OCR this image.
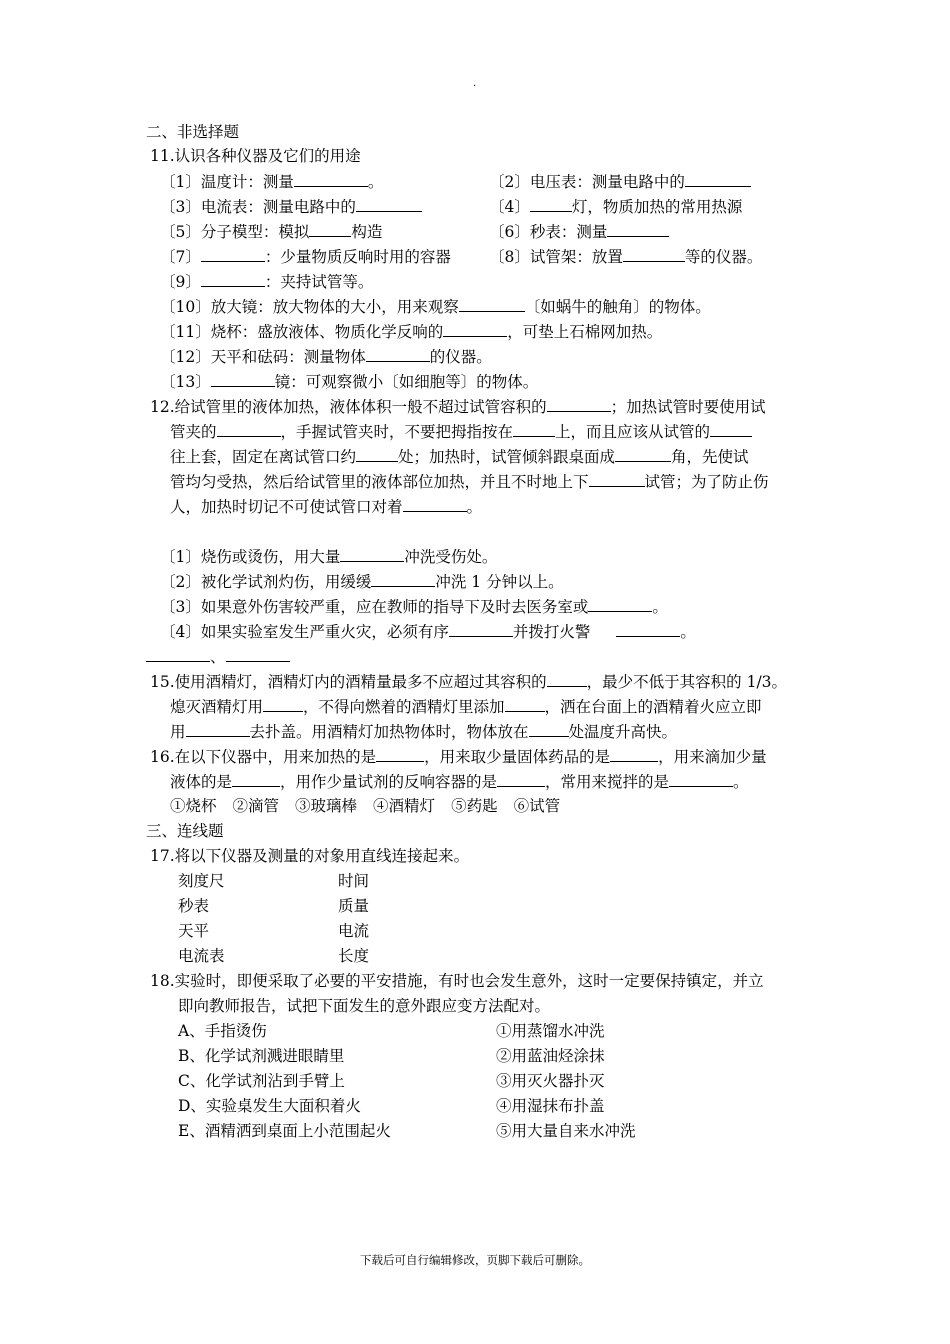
.
二、非选择题
11.认识各种仪器及它们的用途
〔1〕温度计：测量	。	〔2〕电压表：测量电路中的
〔3〕电流表：测量电路中的	〔4〕	灯，物质加热的常用热源
〔5〕分子模型：模拟	构造	〔6〕秒表：测量
〔7〕	：少量物质反响时用的容器 〔8〕试管架：放置	等的仪器。
〔9〕	：夹持试管等。
〔10〕放大镜：放大物体的大小，用来观察	〔如蜗牛的触角〕的物体。
〔11〕烧杯：盛放液体、物质化学反响的	，可垫上石棉网加热。
〔12〕天平和砝码：测量物体	的仪器。
〔13〕	镜：可观察微小〔如细胞等〕的物体。
12.给试管里的液体加热，液体体积一般不超过试管容积的	；加热试管时要使用试
管夹的	，手握试管夹时，不要把拇指按在	上，而且应该从试管的
往上套，固定在离试管口约	处；加热时，试管倾斜跟桌面成	角，先使试
管均匀受热，然后给试管里的液体部位加热，并且不时地上下	试管；为了防止伤
人，加热时切记不可使试管口对着	。
〔1〕烧伤或烫伤，用大量	冲洗受伤处。
〔2〕被化学试剂灼伤，用缓缓	冲洗 1 分钟以上。
〔3〕如果意外伤害较严重，应在教师的指导下及时去医务室或	。
〔4〕如果实验室发生严重火灾，必须有序	并拨打火警	。
、
15.使用酒精灯，酒精灯内的酒精量最多不应超过其容积的	，最少不低于其容积的 1/3。
熄灭酒精灯用	，不得向燃着的酒精灯里添加	，洒在台面上的酒精着火应立即
用	去扑盖。用酒精灯加热物体时，物体放在	处温度升高快。
16.在以下仪器中，用来加热的是	，用来取少量固体药品的是	，用来滴加少量
液体的是	，用作少量试剂的反响容器的是	，常用来搅拌的是	。
①烧杯 ②滴管 ③玻璃棒 ④酒精灯 ⑤药匙 ⑥试管
三、连线题
17.将以下仪器及测量的对象用直线连接起来。
刻度尺	时间
秒表	质量
天平	电流
电流表	长度
18.实验时，即便采取了必要的平安措施，有时也会发生意外，这时一定要保持镇定，并立
即向教师报告，试把下面发生的意外跟应变方法配对。
A、手指烫伤	①用蒸馏水冲洗
B、化学试剂溅进眼睛里	②用蓝油烃涂抹
C、化学试剂沾到手臂上	③用灭火器扑灭
D、实验桌发生大面积着火	④用湿抹布扑盖
E、酒精洒到桌面上小范围起火	⑤用大量自来水冲洗
下载后可自行编辑修改，页脚下载后可删除。
